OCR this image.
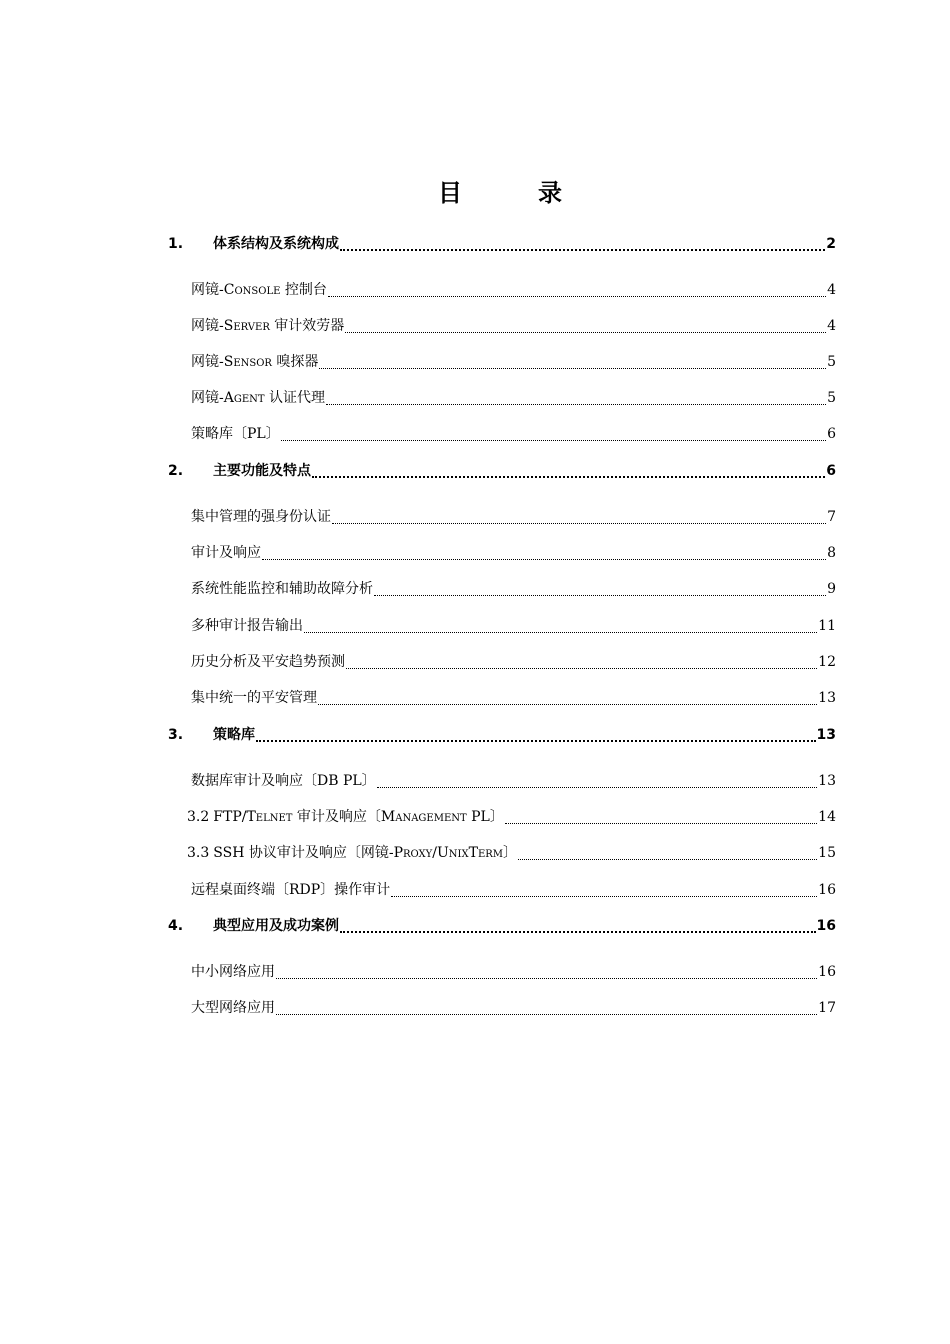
目　录
1.	体系结构及系统构成	2
网镜-Console 控制台	4
网镜-Server 审计效劳器	4
网镜-Sensor 嗅探器	5
网镜-Agent 认证代理	5
策略库〔PL〕	6
2.	主要功能及特点	6
集中管理的强身份认证	7
审计及响应	8
系统性能监控和辅助故障分析	9
多种审计报告输出	11
历史分析及平安趋势预测	12
集中统一的平安管理	13
3.	策略库	13
数据库审计及响应〔DB PL〕	13
3.2 FTP/Telnet 审计及响应〔Management PL〕	14
3.3 SSH 协议审计及响应〔网镜-Proxy/UnixTerm〕	15
远程桌面终端〔RDP〕操作审计	16
4.	典型应用及成功案例	16
中小网络应用	16
大型网络应用	17
